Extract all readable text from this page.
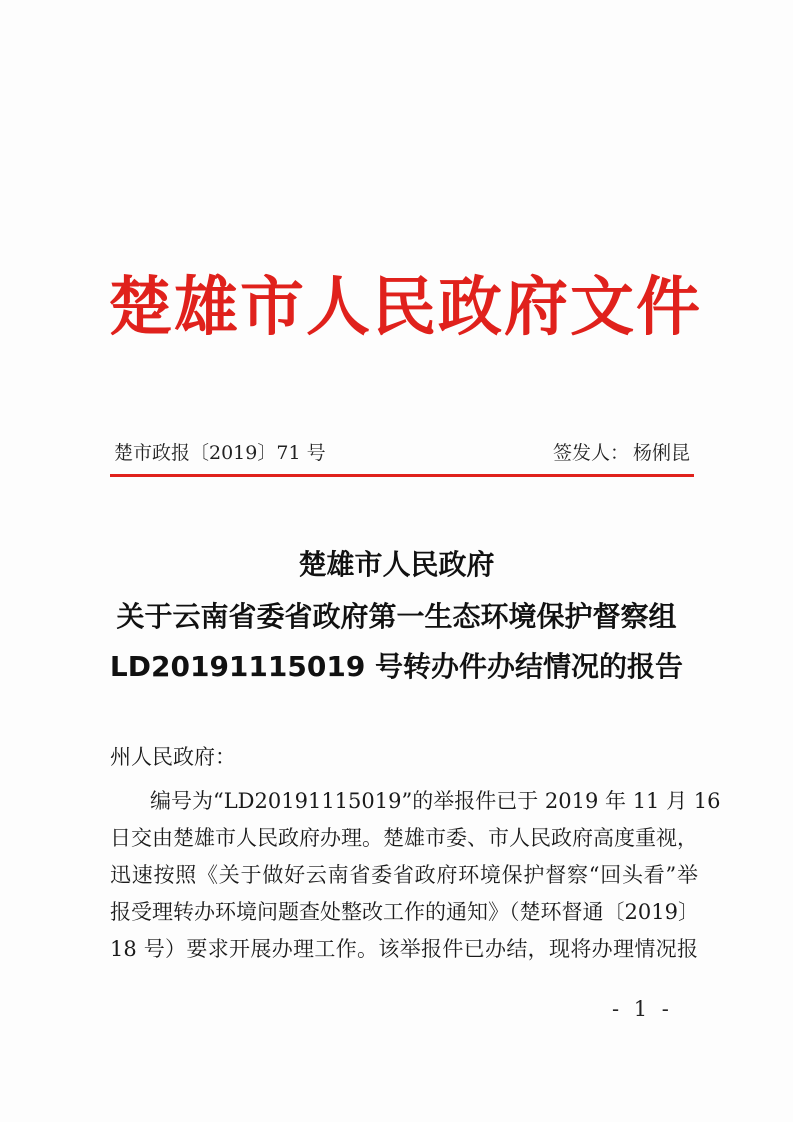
楚雄市人民政府文件
楚市政报〔2019〕71 号	签发人： 杨俐昆
楚雄市人民政府
关于云南省委省政府第一生态环境保护督察组
LD20191115019 号转办件办结情况的报告
州人民政府：
编号为“LD20191115019”的举报件已于 2019 年 11 月 16
日交由楚雄市人民政府办理。楚雄市委、市人民政府高度重视，
迅速按照《关于做好云南省委省政府环境保护督察“回头看”举
报受理转办环境问题查处整改工作的通知》（楚环督通〔2019〕
18 号）要求开展办理工作。该举报件已办结，现将办理情况报
- 1 -
